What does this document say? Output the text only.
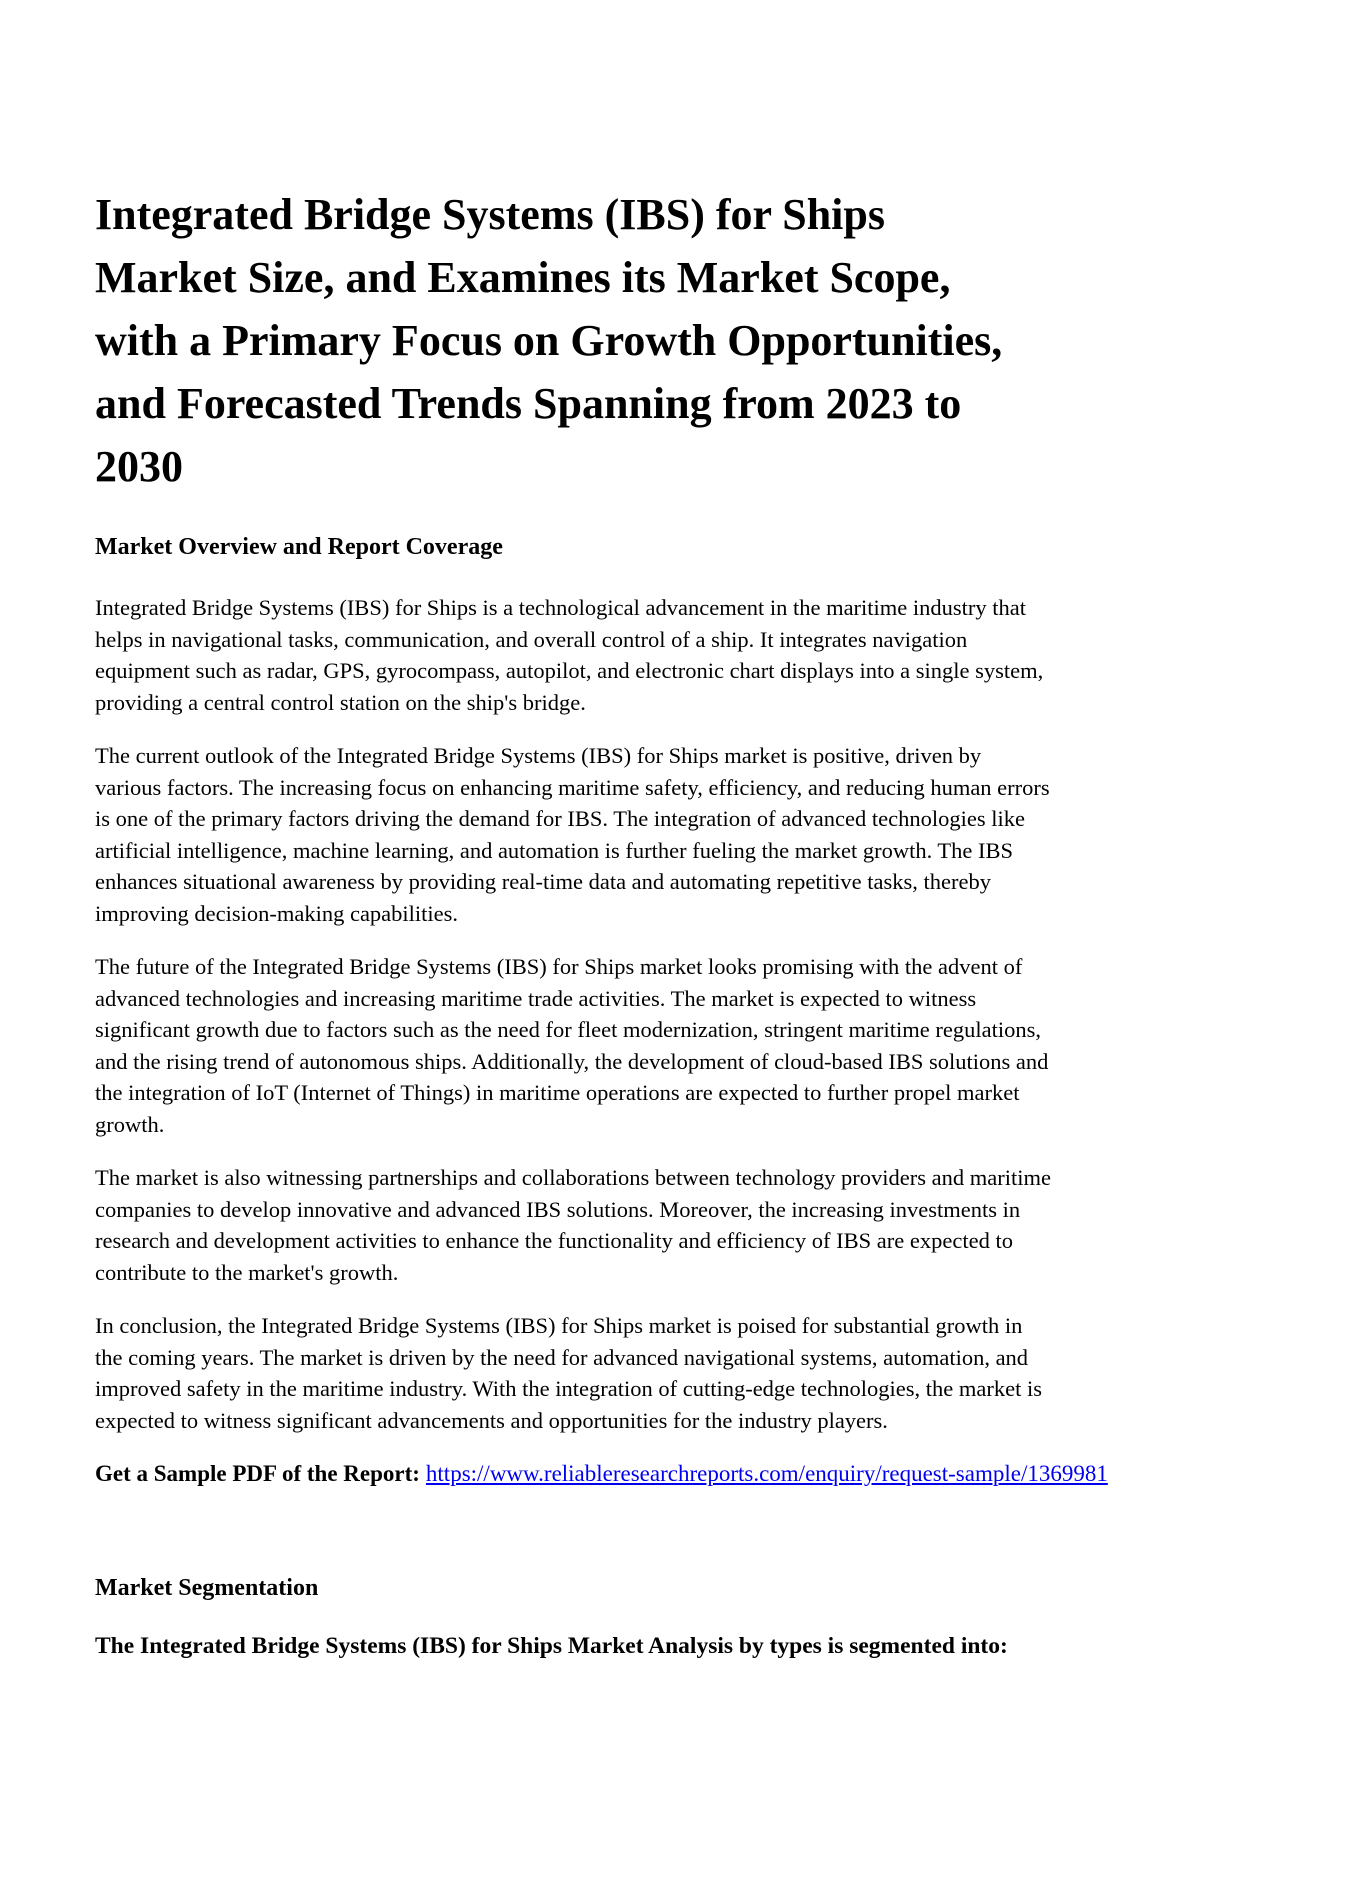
Integrated Bridge Systems (IBS) for Ships
Market Size, and Examines its Market Scope,
with a Primary Focus on Growth Opportunities,
and Forecasted Trends Spanning from 2023 to
2030
Market Overview and Report Coverage

Integrated Bridge Systems (IBS) for Ships is a technological advancement in the maritime industry that
helps in navigational tasks, communication, and overall control of a ship. It integrates navigation
equipment such as radar, GPS, gyrocompass, autopilot, and electronic chart displays into a single system,
providing a central control station on the ship's bridge.

The current outlook of the Integrated Bridge Systems (IBS) for Ships market is positive, driven by
various factors. The increasing focus on enhancing maritime safety, efficiency, and reducing human errors
is one of the primary factors driving the demand for IBS. The integration of advanced technologies like
artificial intelligence, machine learning, and automation is further fueling the market growth. The IBS
enhances situational awareness by providing real-time data and automating repetitive tasks, thereby
improving decision-making capabilities.

The future of the Integrated Bridge Systems (IBS) for Ships market looks promising with the advent of
advanced technologies and increasing maritime trade activities. The market is expected to witness
significant growth due to factors such as the need for fleet modernization, stringent maritime regulations,
and the rising trend of autonomous ships. Additionally, the development of cloud-based IBS solutions and
the integration of IoT (Internet of Things) in maritime operations are expected to further propel market
growth.

The market is also witnessing partnerships and collaborations between technology providers and maritime
companies to develop innovative and advanced IBS solutions. Moreover, the increasing investments in
research and development activities to enhance the functionality and efficiency of IBS are expected to
contribute to the market's growth.

In conclusion, the Integrated Bridge Systems (IBS) for Ships market is poised for substantial growth in
the coming years. The market is driven by the need for advanced navigational systems, automation, and
improved safety in the maritime industry. With the integration of cutting-edge technologies, the market is
expected to witness significant advancements and opportunities for the industry players.

Get a Sample PDF of the Report: https://www.reliableresearchreports.com/enquiry/request-sample/1369981

Market Segmentation

The Integrated Bridge Systems (IBS) for Ships Market Analysis by types is segmented into:
